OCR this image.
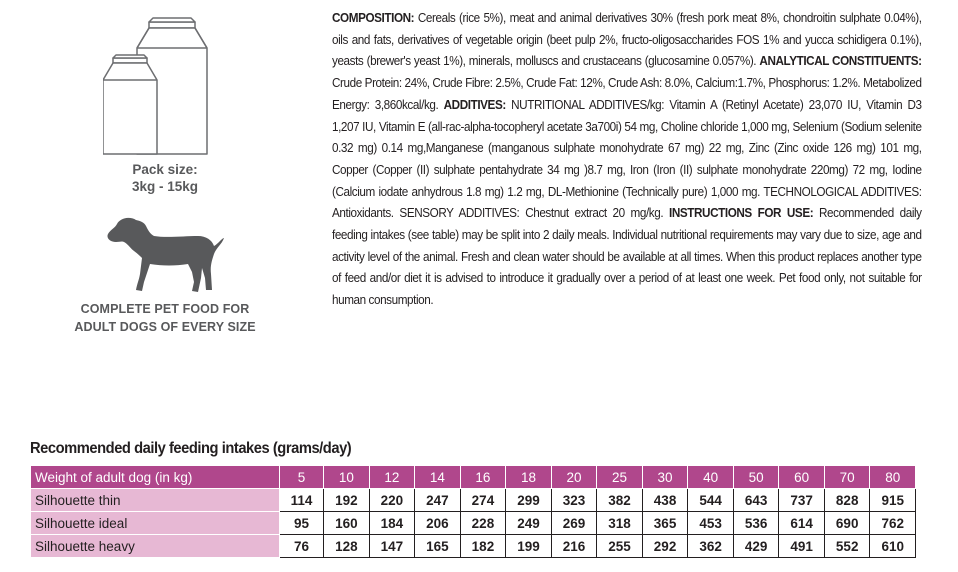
Pack size:
3kg - 15kg
COMPLETE PET FOOD FOR
ADULT DOGS OF EVERY SIZE
COMPOSITION: Cereals (rice 5%), meat and animal derivatives 30% (fresh pork meat 8%, chondroitin sulphate 0.04%), oils and fats, derivatives of vegetable origin (beet pulp 2%, fructo-oligosaccharides FOS 1% and yucca schidigera 0.1%), yeasts (brewer's yeast 1%), minerals, molluscs and crustaceans (glucosamine 0.057%). ANALYTICAL CONSTITUENTS: Crude Protein: 24%, Crude Fibre: 2.5%, Crude Fat: 12%, Crude Ash: 8.0%, Calcium:1.7%, Phosphorus: 1.2%. Metabolized Energy: 3,860kcal/kg. ADDITIVES: NUTRITIONAL ADDITIVES/kg: Vitamin A (Retinyl Acetate) 23,070 IU, Vitamin D3 1,207 IU, Vitamin E (all-rac-alpha-tocopheryl acetate 3a700i) 54 mg, Choline chloride 1,000 mg, Selenium (Sodium selenite 0.32 mg) 0.14 mg,Manganese (manganous sulphate monohydrate 67 mg) 22 mg, Zinc (Zinc oxide 126 mg) 101 mg, Copper (Copper (II) sulphate pentahydrate 34 mg )8.7 mg, Iron (Iron (II) sulphate monohydrate 220mg) 72 mg, Iodine (Calcium iodate anhydrous 1.8 mg) 1.2 mg, DL-Methionine (Technically pure) 1,000 mg. TECHNOLOGICAL ADDITIVES: Antioxidants. SENSORY ADDITIVES: Chestnut extract 20 mg/kg. INSTRUCTIONS FOR USE: Recommended daily feeding intakes (see table) may be split into 2 daily meals. Individual nutritional requirements may vary due to size, age and activity level of the animal. Fresh and clean water should be available at all times. When this product replaces another type of feed and/or diet it is advised to introduce it gradually over a period of at least one week. Pet food only, not suitable for human consumption.
Recommended daily feeding intakes (grams/day)
Weight of adult dog (in kg)	5	10	12	14	16	18	20	25	30	40	50	60	70	80
Silhouette thin	114	192	220	247	274	299	323	382	438	544	643	737	828	915
Silhouette ideal	95	160	184	206	228	249	269	318	365	453	536	614	690	762
Silhouette heavy	76	128	147	165	182	199	216	255	292	362	429	491	552	610
